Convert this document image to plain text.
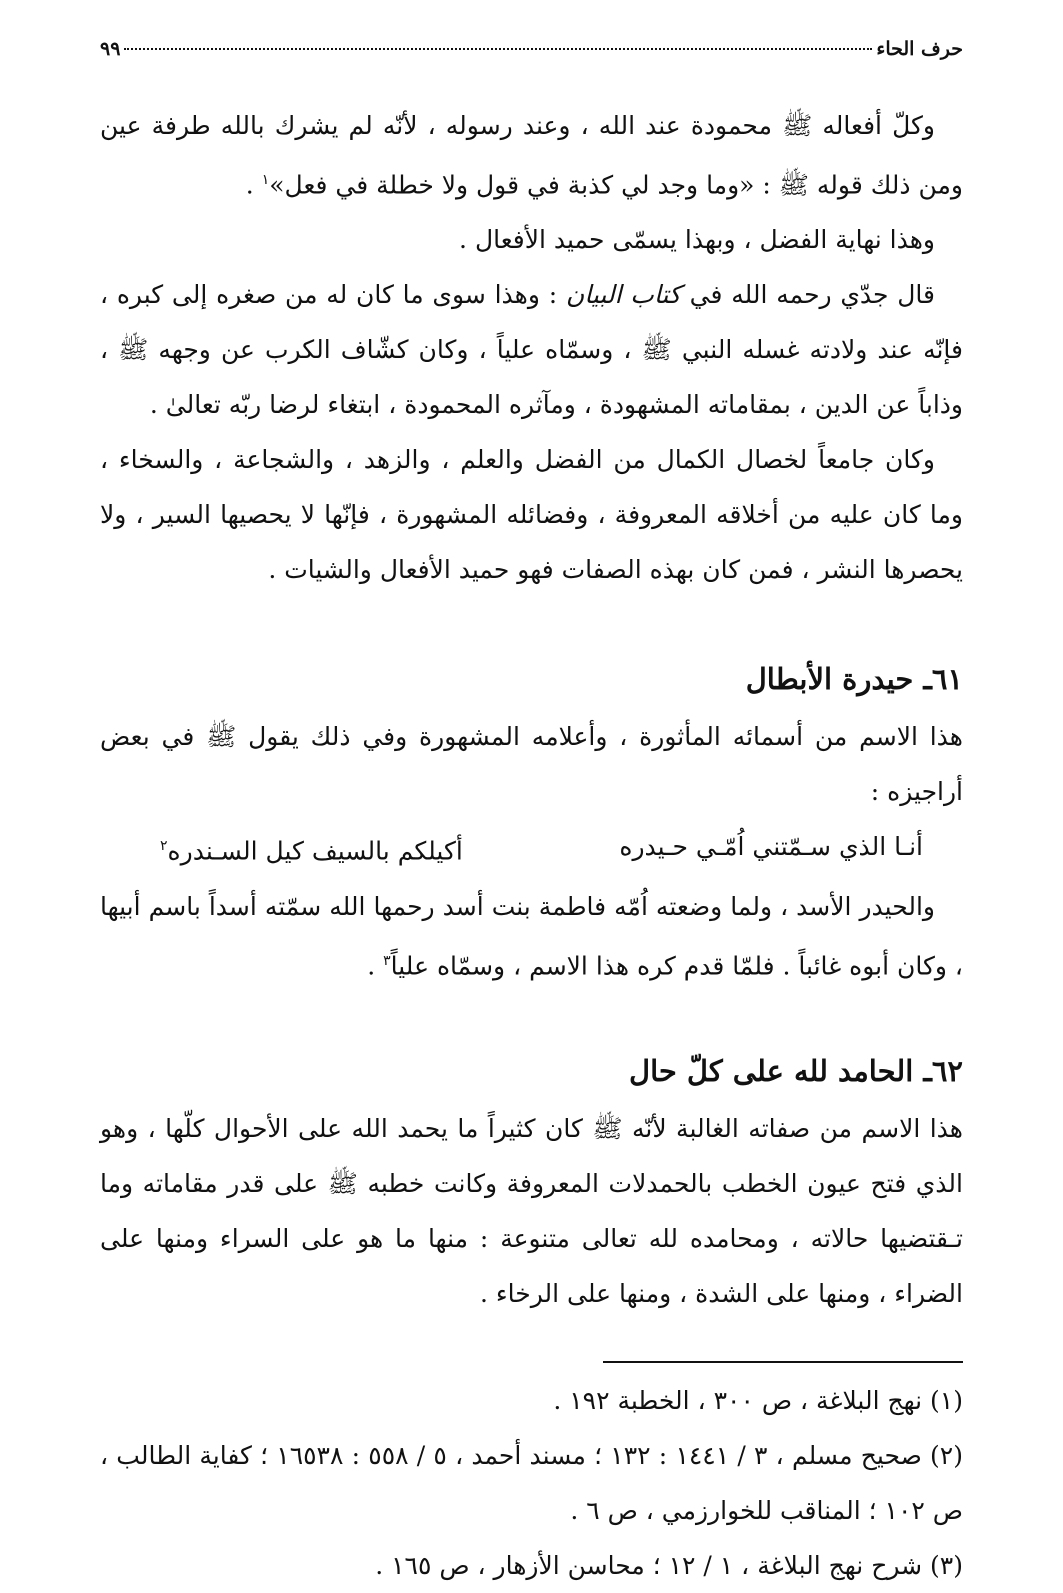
حرف الحاء
٩٩

وكلّ أفعاله ﷺ محمودة عند الله ، وعند رسوله ، لأنّه لم يشرك بالله طرفة عين ومن ذلك قوله ﷺ : «وما وجد لي كذبة في قول ولا خطلة في فعل»$^١$ .

وهذا نهاية الفضل ، وبهذا يسمّى حميد الأفعال .

قال جدّي رحمه الله في كتاب البيان : وهذا سوى ما كان له من صغره إلى كبره ، فإنّه عند ولادته غسله النبي ﷺ ، وسمّاه علياً ، وكان كشّاف الكرب عن وجهه ﷺ ، وذاباً عن الدين ، بمقاماته المشهودة ، ومآثره المحمودة ، ابتغاء لرضا ربّه تعالىٰ .

وكان جامعاً لخصال الكمال من الفضل والعلم ، والزهد ، والشجاعة ، والسخاء ، وما كان عليه من أخلاقه المعروفة ، وفضائله المشهورة ، فإنّها لا يحصيها السير ، ولا يحصرها النشر ، فمن كان بهذه الصفات فهو حميد الأفعال والشيات .

٦١ـ حيدرة الأبطال

هذا الاسم من أسمائه المأثورة ، وأعلامه المشهورة وفي ذلك يقول ﷺ في بعض أراجيزه :

أنـا الذي سـمّتني اُمّـي حـيدره
أكيلكم بالسيف كيل السـندره$^٢$

والحيدر الأسد ، ولما وضعته اُمّه فاطمة بنت أسد رحمها الله سمّته أسداً باسم أبيها ، وكان أبوه غائباً . فلمّا قدم كره هذا الاسم ، وسمّاه علياً$^٣$ .

٦٢ـ الحامد لله على كلّ حال

هذا الاسم من صفاته الغالبة لأنّه ﷺ كان كثيراً ما يحمد الله على الأحوال كلّها ، وهو الذي فتح عيون الخطب بالحمدلات المعروفة وكانت خطبه ﷺ على قدر مقاماته وما تـقتضيها حالاته ، ومحامده لله تعالى متنوعة : منها ما هو على السراء ومنها على الضراء ، ومنها على الشدة ، ومنها على الرخاء .

(١) نهج البلاغة ، ص ٣٠٠ ، الخطبة ١٩٢ .

(٢) صحيح مسلم ، ٣ / ١٤٤١ : ١٣٢ ؛ مسند أحمد ، ٥ / ٥٥٨ : ١٦٥٣٨ ؛ كفاية الطالب ، ص ١٠٢ ؛ المناقب للخوارزمي ، ص ٦ .

(٣) شرح نهج البلاغة ، ١ / ١٢ ؛ محاسن الأزهار ، ص ١٦٥ .
